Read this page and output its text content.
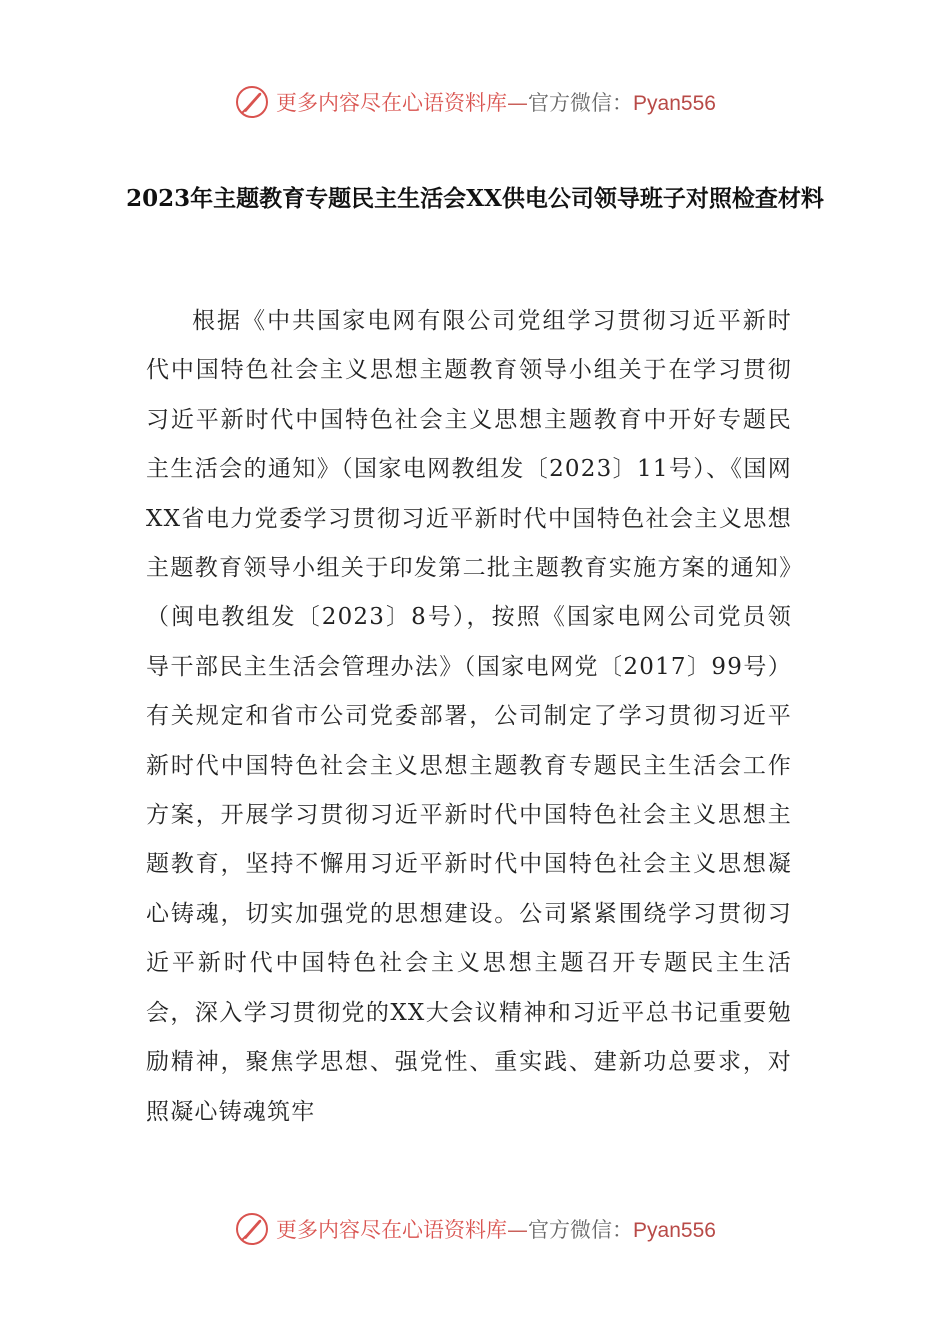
更多内容尽在心语资料库—官方微信：Pyan556
2023年主题教育专题民主生活会XX供电公司领导班子对照检查材料

根据《中共国家电网有限公司党组学习贯彻习近平新时代中国特色社会主义思想主题教育领导小组关于在学习贯彻习近平新时代中国特色社会主义思想主题教育中开好专题民主生活会的通知》（国家电网教组发〔2023〕11号）、《国网XX省电力党委学习贯彻习近平新时代中国特色社会主义思想主题教育领导小组关于印发第二批主题教育实施方案的通知》（闽电教组发〔2023〕8号），按照《国家电网公司党员领导干部民主生活会管理办法》（国家电网党〔2017〕99号）有关规定和省市公司党委部署，公司制定了学习贯彻习近平新时代中国特色社会主义思想主题教育专题民主生活会工作方案，开展学习贯彻习近平新时代中国特色社会主义思想主题教育，坚持不懈用习近平新时代中国特色社会主义思想凝心铸魂，切实加强党的思想建设。公司紧紧围绕学习贯彻习近平新时代中国特色社会主义思想主题召开专题民主生活会，深入学习贯彻党的XX大会议精神和习近平总书记重要勉励精神，聚焦学思想、强党性、重实践、建新功总要求，对照凝心铸魂筑牢

更多内容尽在心语资料库—官方微信：Pyan556
